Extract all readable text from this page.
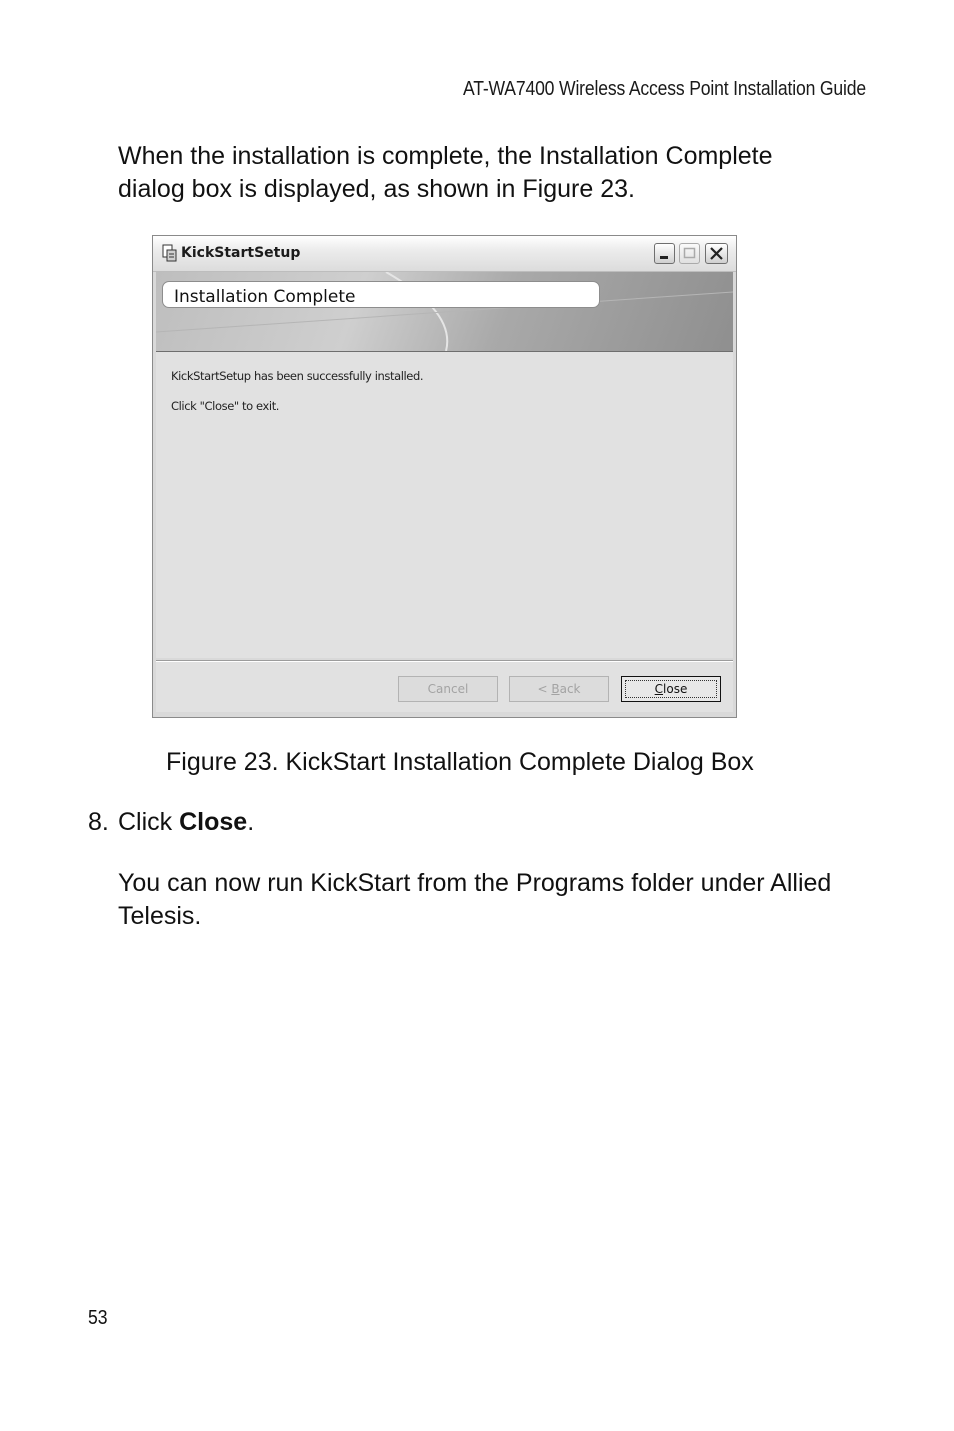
AT-WA7400 Wireless Access Point Installation Guide

When the installation is complete, the Installation Complete dialog box is displayed, as shown in Figure 23.

KickStartSetup
Installation Complete
KickStartSetup has been successfully installed.
Click "Close" to exit.
Cancel	< Back	Close
Figure 23. KickStart Installation Complete Dialog Box
8. Click Close.

You can now run KickStart from the Programs folder under Allied Telesis.

53
